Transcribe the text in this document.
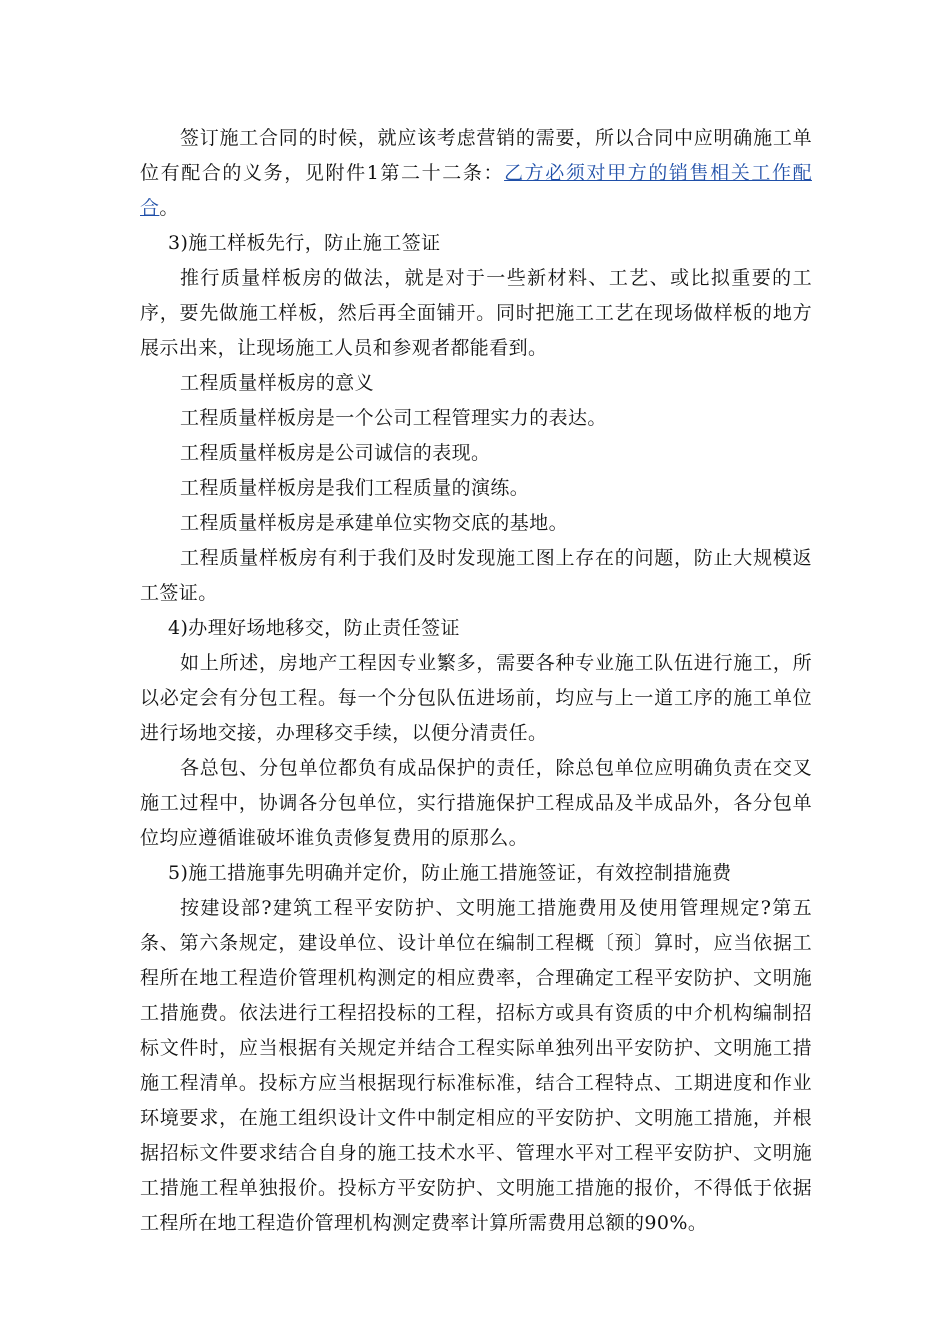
签订施工合同的时候，就应该考虑营销的需要，所以合同中应明确施工单位有配合的义务，见附件1第二十二条：乙方必须对甲方的销售相关工作配合。

3)施工样板先行，防止施工签证

推行质量样板房的做法，就是对于一些新材料、工艺、或比拟重要的工序，要先做施工样板，然后再全面铺开。同时把施工工艺在现场做样板的地方展示出来，让现场施工人员和参观者都能看到。

工程质量样板房的意义

工程质量样板房是一个公司工程管理实力的表达。

工程质量样板房是公司诚信的表现。

工程质量样板房是我们工程质量的演练。

工程质量样板房是承建单位实物交底的基地。

工程质量样板房有利于我们及时发现施工图上存在的问题，防止大规模返工签证。

4)办理好场地移交，防止责任签证

如上所述，房地产工程因专业繁多，需要各种专业施工队伍进行施工，所以必定会有分包工程。每一个分包队伍进场前，均应与上一道工序的施工单位进行场地交接，办理移交手续，以便分清责任。

各总包、分包单位都负有成品保护的责任，除总包单位应明确负责在交叉施工过程中，协调各分包单位，实行措施保护工程成品及半成品外，各分包单位均应遵循谁破坏谁负责修复费用的原那么。

5)施工措施事先明确并定价，防止施工措施签证，有效控制措施费

按建设部?建筑工程平安防护、文明施工措施费用及使用管理规定?第五条、第六条规定，建设单位、设计单位在编制工程概〔预〕算时，应当依据工程所在地工程造价管理机构测定的相应费率，合理确定工程平安防护、文明施工措施费。依法进行工程招投标的工程，招标方或具有资质的中介机构编制招标文件时，应当根据有关规定并结合工程实际单独列出平安防护、文明施工措施工程清单。投标方应当根据现行标准标准，结合工程特点、工期进度和作业环境要求，在施工组织设计文件中制定相应的平安防护、文明施工措施，并根据招标文件要求结合自身的施工技术水平、管理水平对工程平安防护、文明施工措施工程单独报价。投标方平安防护、文明施工措施的报价，不得低于依据工程所在地工程造价管理机构测定费率计算所需费用总额的90%。
